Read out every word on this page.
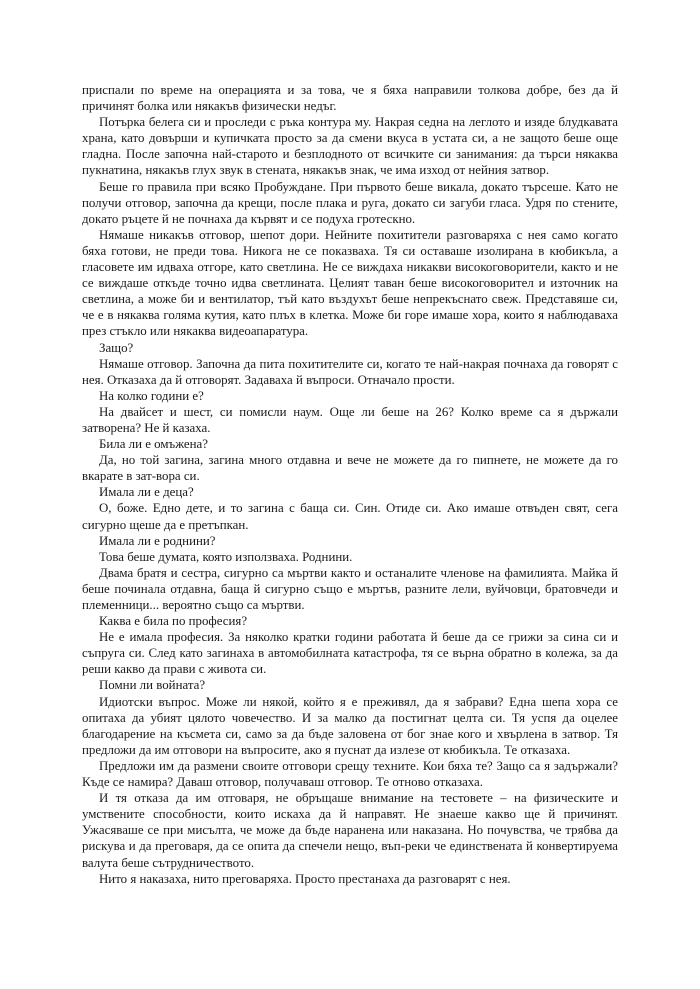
приспали по време на операцията и за това, че я бяха направили толкова добре, без да й причинят болка или някакъв физически недъг.

Потърка белега си и проследи с ръка контура му. Накрая седна на леглото и изяде блудкавата храна, като довърши и купичката просто за да смени вкуса в устата си, а не защото беше още гладна. После започна най-старото и безплодното от всичките си занимания: да търси някаква пукнатина, някакъв глух звук в стената, някакъв знак, че има изход от нейния затвор.

Беше го правила при всяко Пробуждане. При първото беше викала, докато търсеше. Като не получи отговор, започна да крещи, после плака и руга, докато си загуби гласа. Удря по стените, докато ръцете й не почнаха да кървят и се подуха гротескно.

Нямаше никакъв отговор, шепот дори. Нейните похитители разговаряха с нея само когато бяха готови, не преди това. Никога не се показваха. Тя си оставаше изолирана в кюбикъла, а гласовете им идваха отгоре, като светлина. Не се виждаха никакви високоговорители, както и не се виждаше откъде точно идва светлината. Целият таван беше високоговорител и източник на светлина, а може би и вентилатор, тъй като въздухът беше непрекъснато свеж. Представяше си, че е в някаква голяма кутия, като плъх в клетка. Може би горе имаше хора, които я наблюдаваха през стъкло или някаква видеоапаратура.

Защо?

Нямаше отговор. Започна да пита похитителите си, когато те най-накрая почнаха да говорят с нея. Отказаха да й отговорят. Задаваха й въпроси. Отначало прости.

На колко години е?

На двайсет и шест, си помисли наум. Още ли беше на 26? Колко време са я държали затворена? Не й казаха.

Била ли е омъжена?

Да, но той загина, загина много отдавна и вече не можете да го пипнете, не можете да го вкарате в зат-вора си.

Имала ли е деца?

О, боже. Едно дете, и то загина с баща си. Син. Отиде си. Ако имаше отвъден свят, сега сигурно щеше да е претъпкан.

Имала ли е роднини?

Това беше думата, която използваха. Роднини.

Двама братя и сестра, сигурно са мъртви както и останалите членове на фамилията. Майка й беше починала отдавна, баща й сигурно също е мъртъв, разните лели, вуйчовци, братовчеди и племенници... вероятно също са мъртви.

Каква е била по професия?

Не е имала професия. За няколко кратки години работата й беше да се грижи за сина си и съпруга си. След като загинаха в автомобилната катастрофа, тя се върна обратно в колежа, за да реши какво да прави с живота си.

Помни ли войната?

Идиотски въпрос. Може ли някой, който я е преживял, да я забрави? Една шепа хора се опитаха да убият цялото човечество. И за малко да постигнат целта си. Тя успя да оцелее благодарение на късмета си, само за да бъде заловена от бог знае кого и хвърлена в затвор. Тя предложи да им отговори на въпросите, ако я пуснат да излезе от кюбикъла. Те отказаха.

Предложи им да размени своите отговори срещу техните. Кои бяха те? Защо са я задържали? Къде се намира? Даваш отговор, получаваш отговор. Те отново отказаха.

И тя отказа да им отговаря, не обръщаше внимание на тестовете – на физическите и умствените способности, които искаха да й направят. Не знаеше какво ще й причинят. Ужасяваше се при мисълта, че може да бъде наранена или наказана. Но почувства, че трябва да рискува и да преговаря, да се опита да спечели нещо, въп-реки че единствената й конвертируема валута беше сътрудничеството.

Нито я наказаха, нито преговаряха. Просто престанаха да разговарят с нея.
